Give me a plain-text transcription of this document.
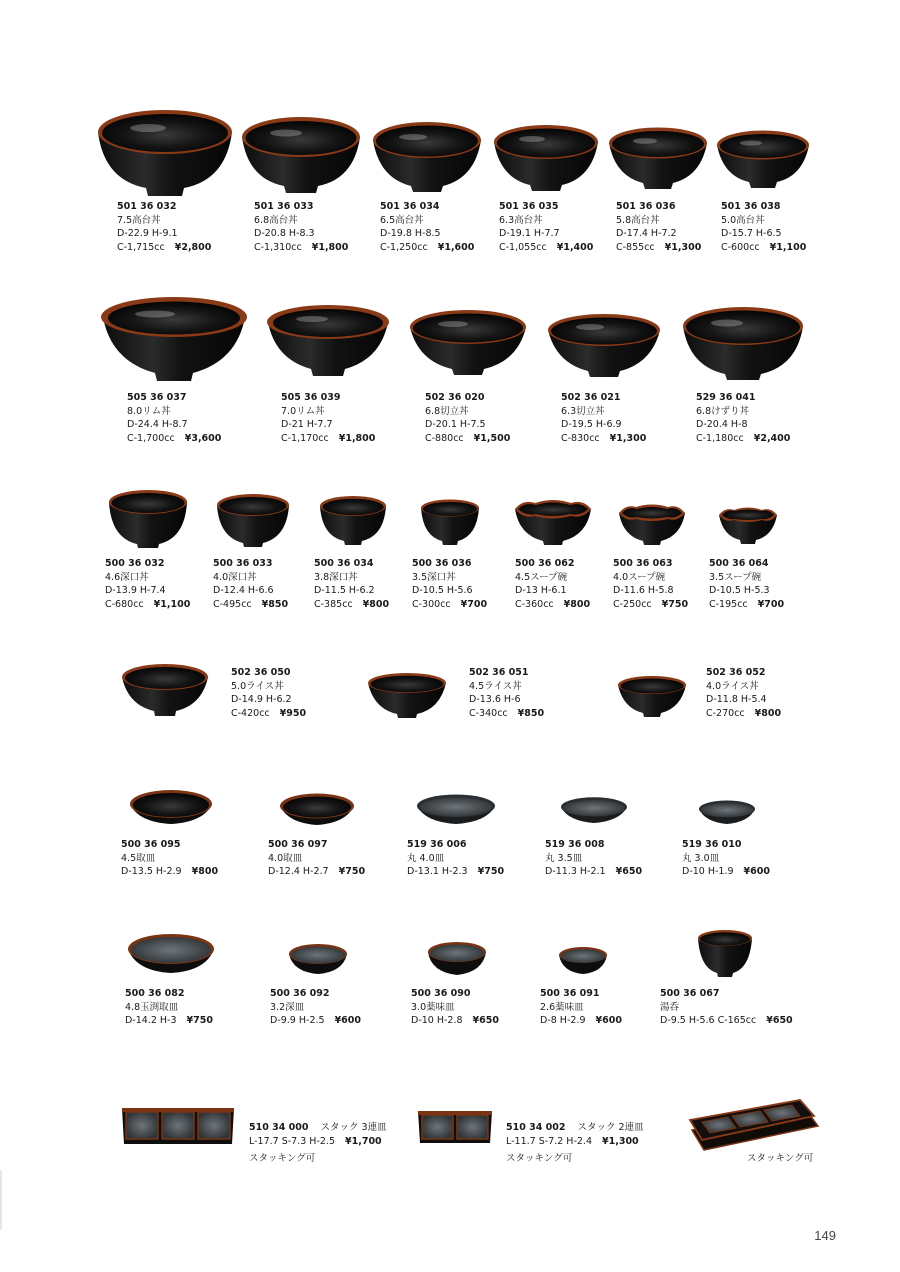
501 36 032
7.5高台丼
D-22.9 H-9.1
C-1,715cc ¥2,800
501 36 033
6.8高台丼
D-20.8 H-8.3
C-1,310cc ¥1,800
501 36 034
6.5高台丼
D-19.8 H-8.5
C-1,250cc ¥1,600
501 36 035
6.3高台丼
D-19.1 H-7.7
C-1,055cc ¥1,400
501 36 036
5.8高台丼
D-17.4 H-7.2
C-855cc ¥1,300
501 36 038
5.0高台丼
D-15.7 H-6.5
C-600cc ¥1,100
505 36 037
8.0リム丼
D-24.4 H-8.7
C-1,700cc ¥3,600
505 36 039
7.0リム丼
D-21 H-7.7
C-1,170cc ¥1,800
502 36 020
6.8切立丼
D-20.1 H-7.5
C-880cc ¥1,500
502 36 021
6.3切立丼
D-19.5 H-6.9
C-830cc ¥1,300
529 36 041
6.8けずり丼
D-20.4 H-8
C-1,180cc ¥2,400
500 36 032
4.6深口丼
D-13.9 H-7.4
C-680cc ¥1,100
500 36 033
4.0深口丼
D-12.4 H-6.6
C-495cc ¥850
500 36 034
3.8深口丼
D-11.5 H-6.2
C-385cc ¥800
500 36 036
3.5深口丼
D-10.5 H-5.6
C-300cc ¥700
500 36 062
4.5スープ碗
D-13 H-6.1
C-360cc ¥800
500 36 063
4.0スープ碗
D-11.6 H-5.8
C-250cc ¥750
500 36 064
3.5スープ碗
D-10.5 H-5.3
C-195cc ¥700
502 36 050
5.0ライス丼
D-14.9 H-6.2
C-420cc ¥950
502 36 051
4.5ライス丼
D-13.6 H-6
C-340cc ¥850
502 36 052
4.0ライス丼
D-11.8 H-5.4
C-270cc ¥800
500 36 095
4.5取皿
D-13.5 H-2.9 ¥800
500 36 097
4.0取皿
D-12.4 H-2.7 ¥750
519 36 006
丸 4.0皿
D-13.1 H-2.3 ¥750
519 36 008
丸 3.5皿
D-11.3 H-2.1 ¥650
519 36 010
丸 3.0皿
D-10 H-1.9 ¥600
500 36 082
4.8玉渕取皿
D-14.2 H-3 ¥750
500 36 092
3.2深皿
D-9.9 H-2.5 ¥600
500 36 090
3.0薬味皿
D-10 H-2.8 ¥650
500 36 091
2.6薬味皿
D-8 H-2.9 ¥600
500 36 067
湯呑
D-9.5 H-5.6 C-165cc ¥650
510 34 000 スタック 3連皿
L-17.7 S-7.3 H-2.5 ¥1,700
スタッキング可
510 34 002 スタック 2連皿
L-11.7 S-7.2 H-2.4 ¥1,300
スタッキング可	スタッキング可
149
